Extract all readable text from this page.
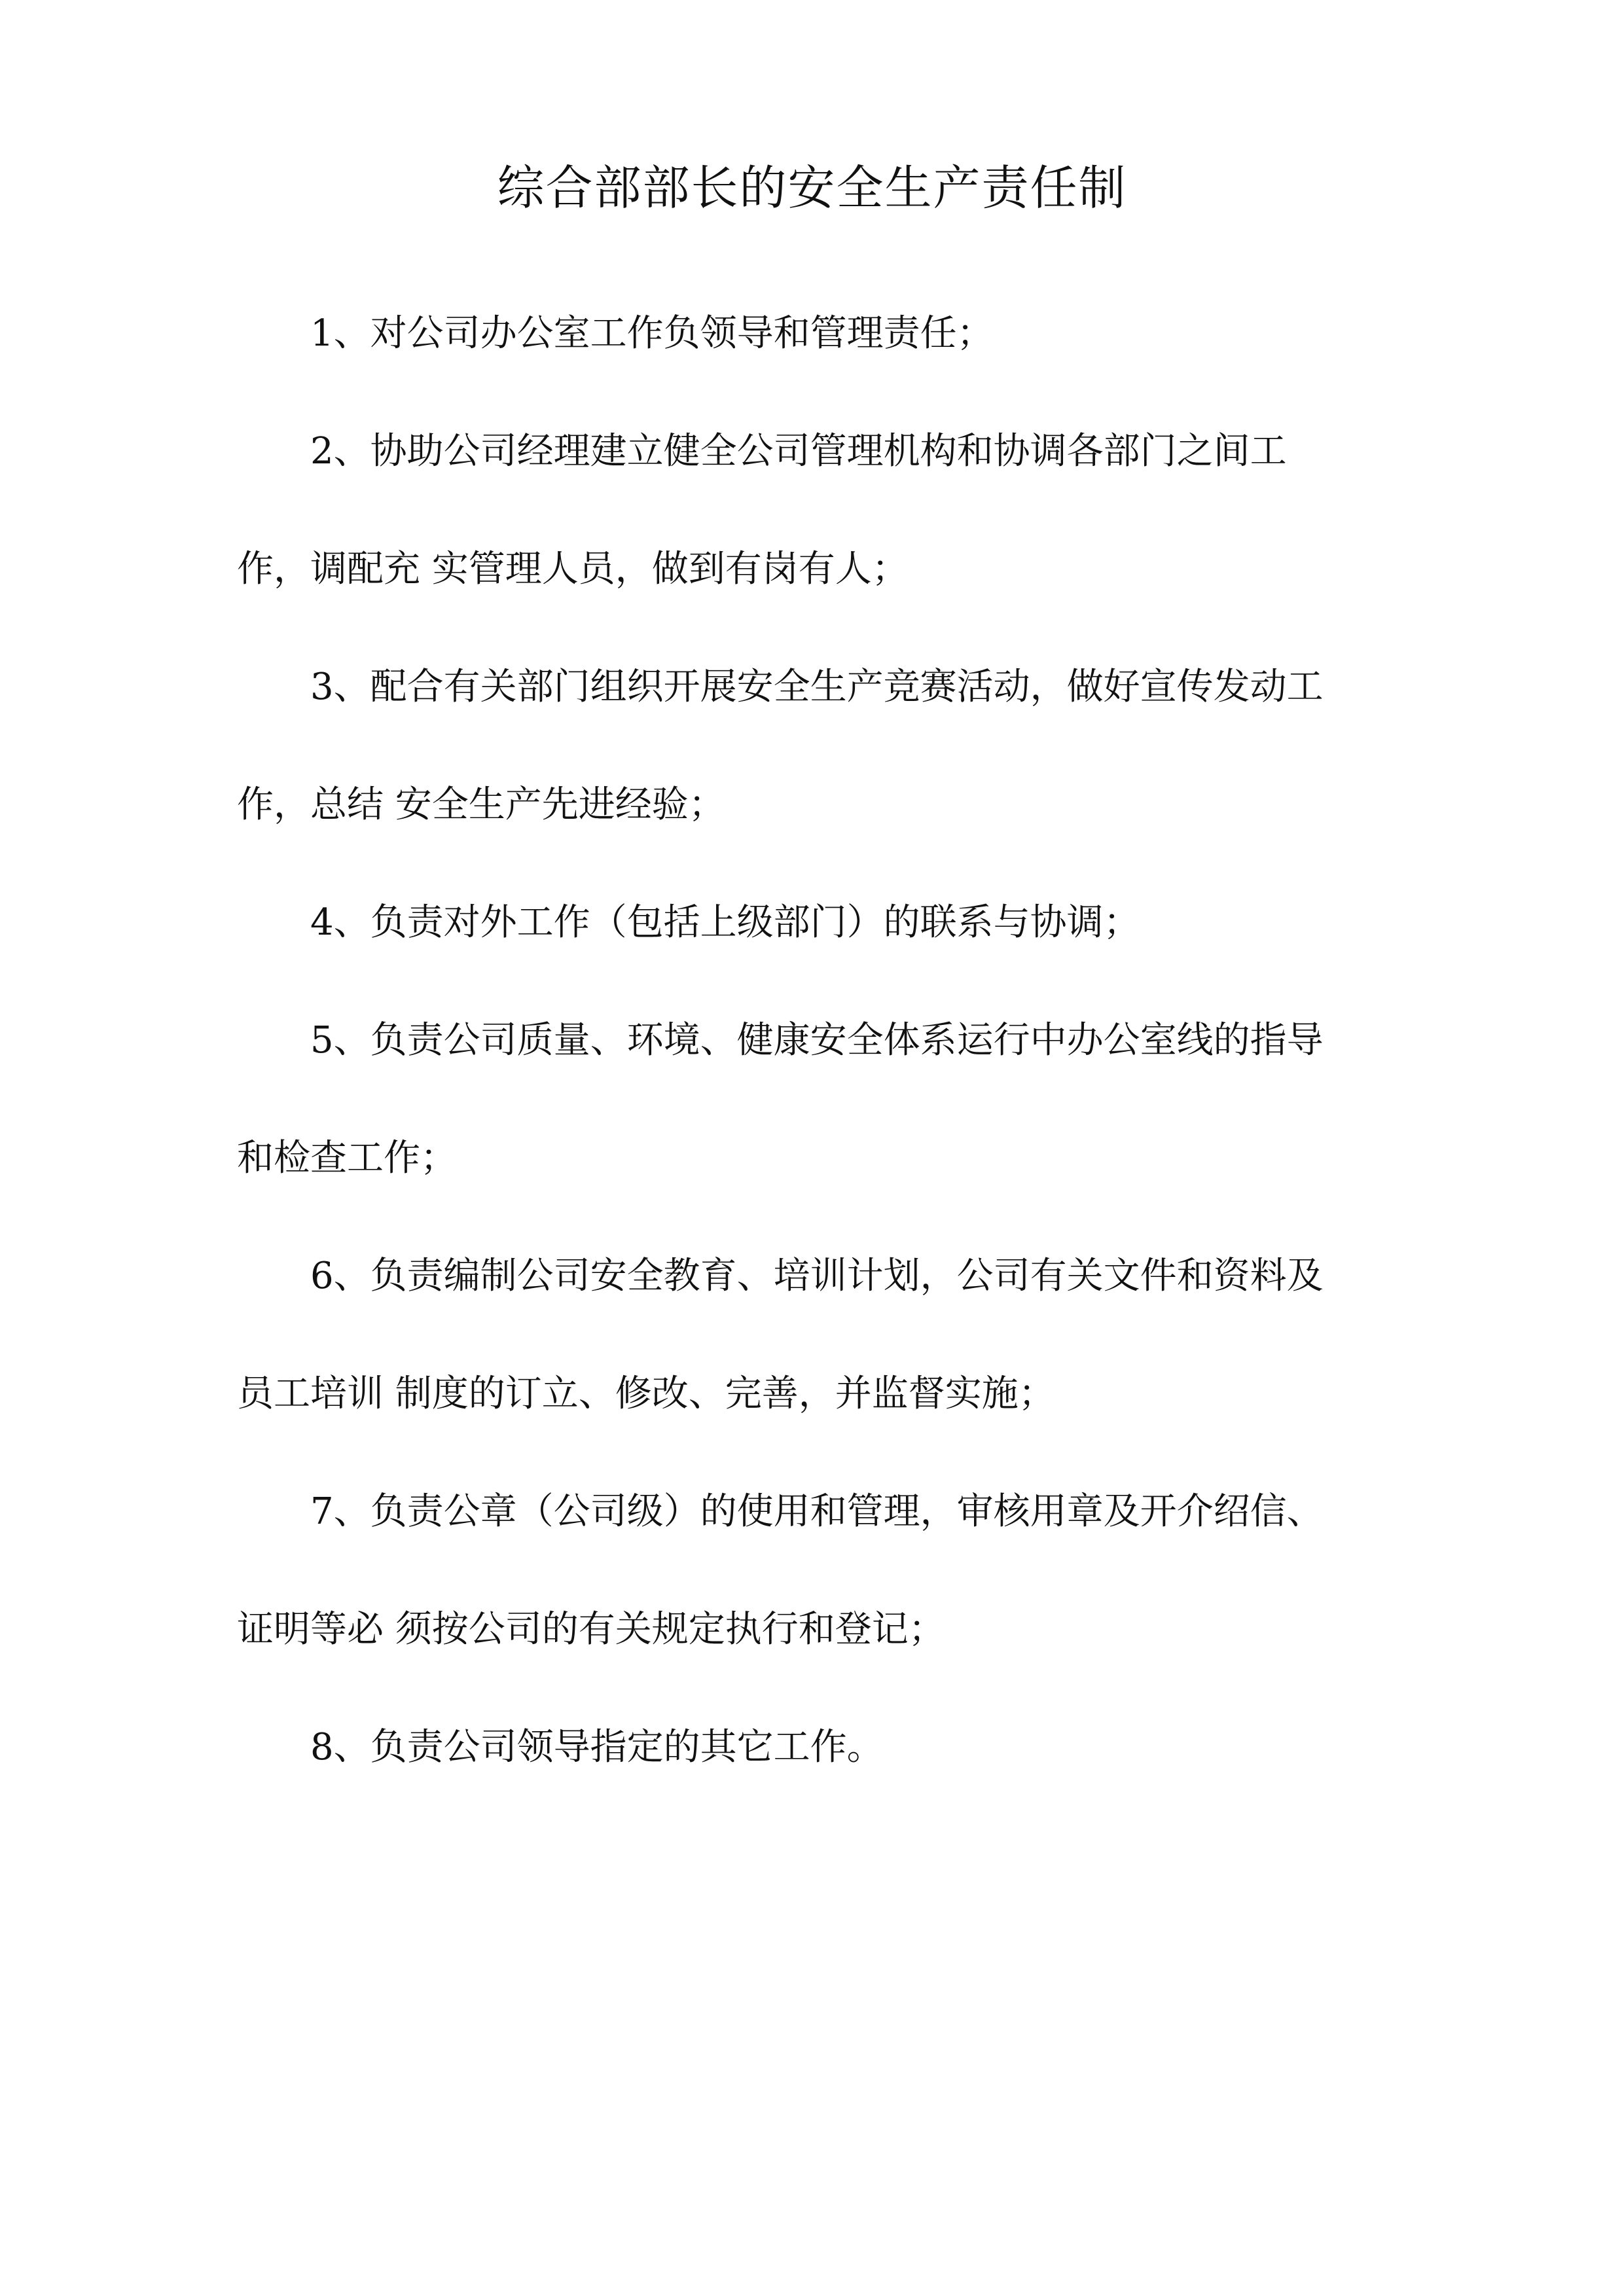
综合部部长的安全生产责任制
1、对公司办公室工作负领导和管理责任；
2、协助公司经理建立健全公司管理机构和协调各部门之间工
作，调配充 实管理人员，做到有岗有人；
3、配合有关部门组织开展安全生产竞赛活动，做好宣传发动工
作，总结 安全生产先进经验；
4、负责对外工作（包括上级部门）的联系与协调；
5、负责公司质量、环境、健康安全体系运行中办公室线的指导
和检查工作；
6、负责编制公司安全教育、培训计划，公司有关文件和资料及
员工培训 制度的订立、修改、完善，并监督实施；
7、负责公章（公司级）的使用和管理，审核用章及开介绍信、
证明等必 须按公司的有关规定执行和登记；
8、负责公司领导指定的其它工作。
